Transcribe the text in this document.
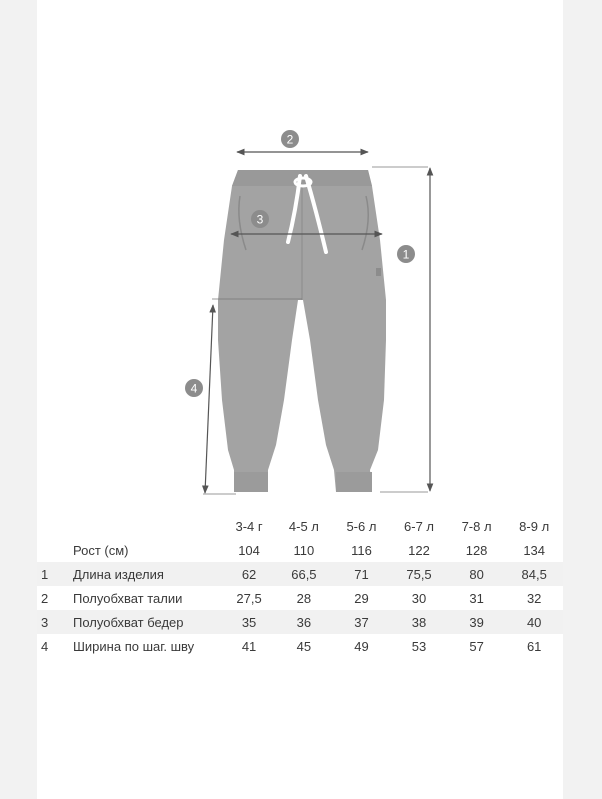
2
3
1
4
		3-4 г	4-5 л	5-6 л	6-7 л	7-8 л	8-9 л
	Рост (см)	104	110	116	122	128	134
1	Длина изделия	62	66,5	71	75,5	80	84,5
2	Полуобхват талии	27,5	28	29	30	31	32
3	Полуобхват бедер	35	36	37	38	39	40
4	Ширина по шаг. шву	41	45	49	53	57	61
